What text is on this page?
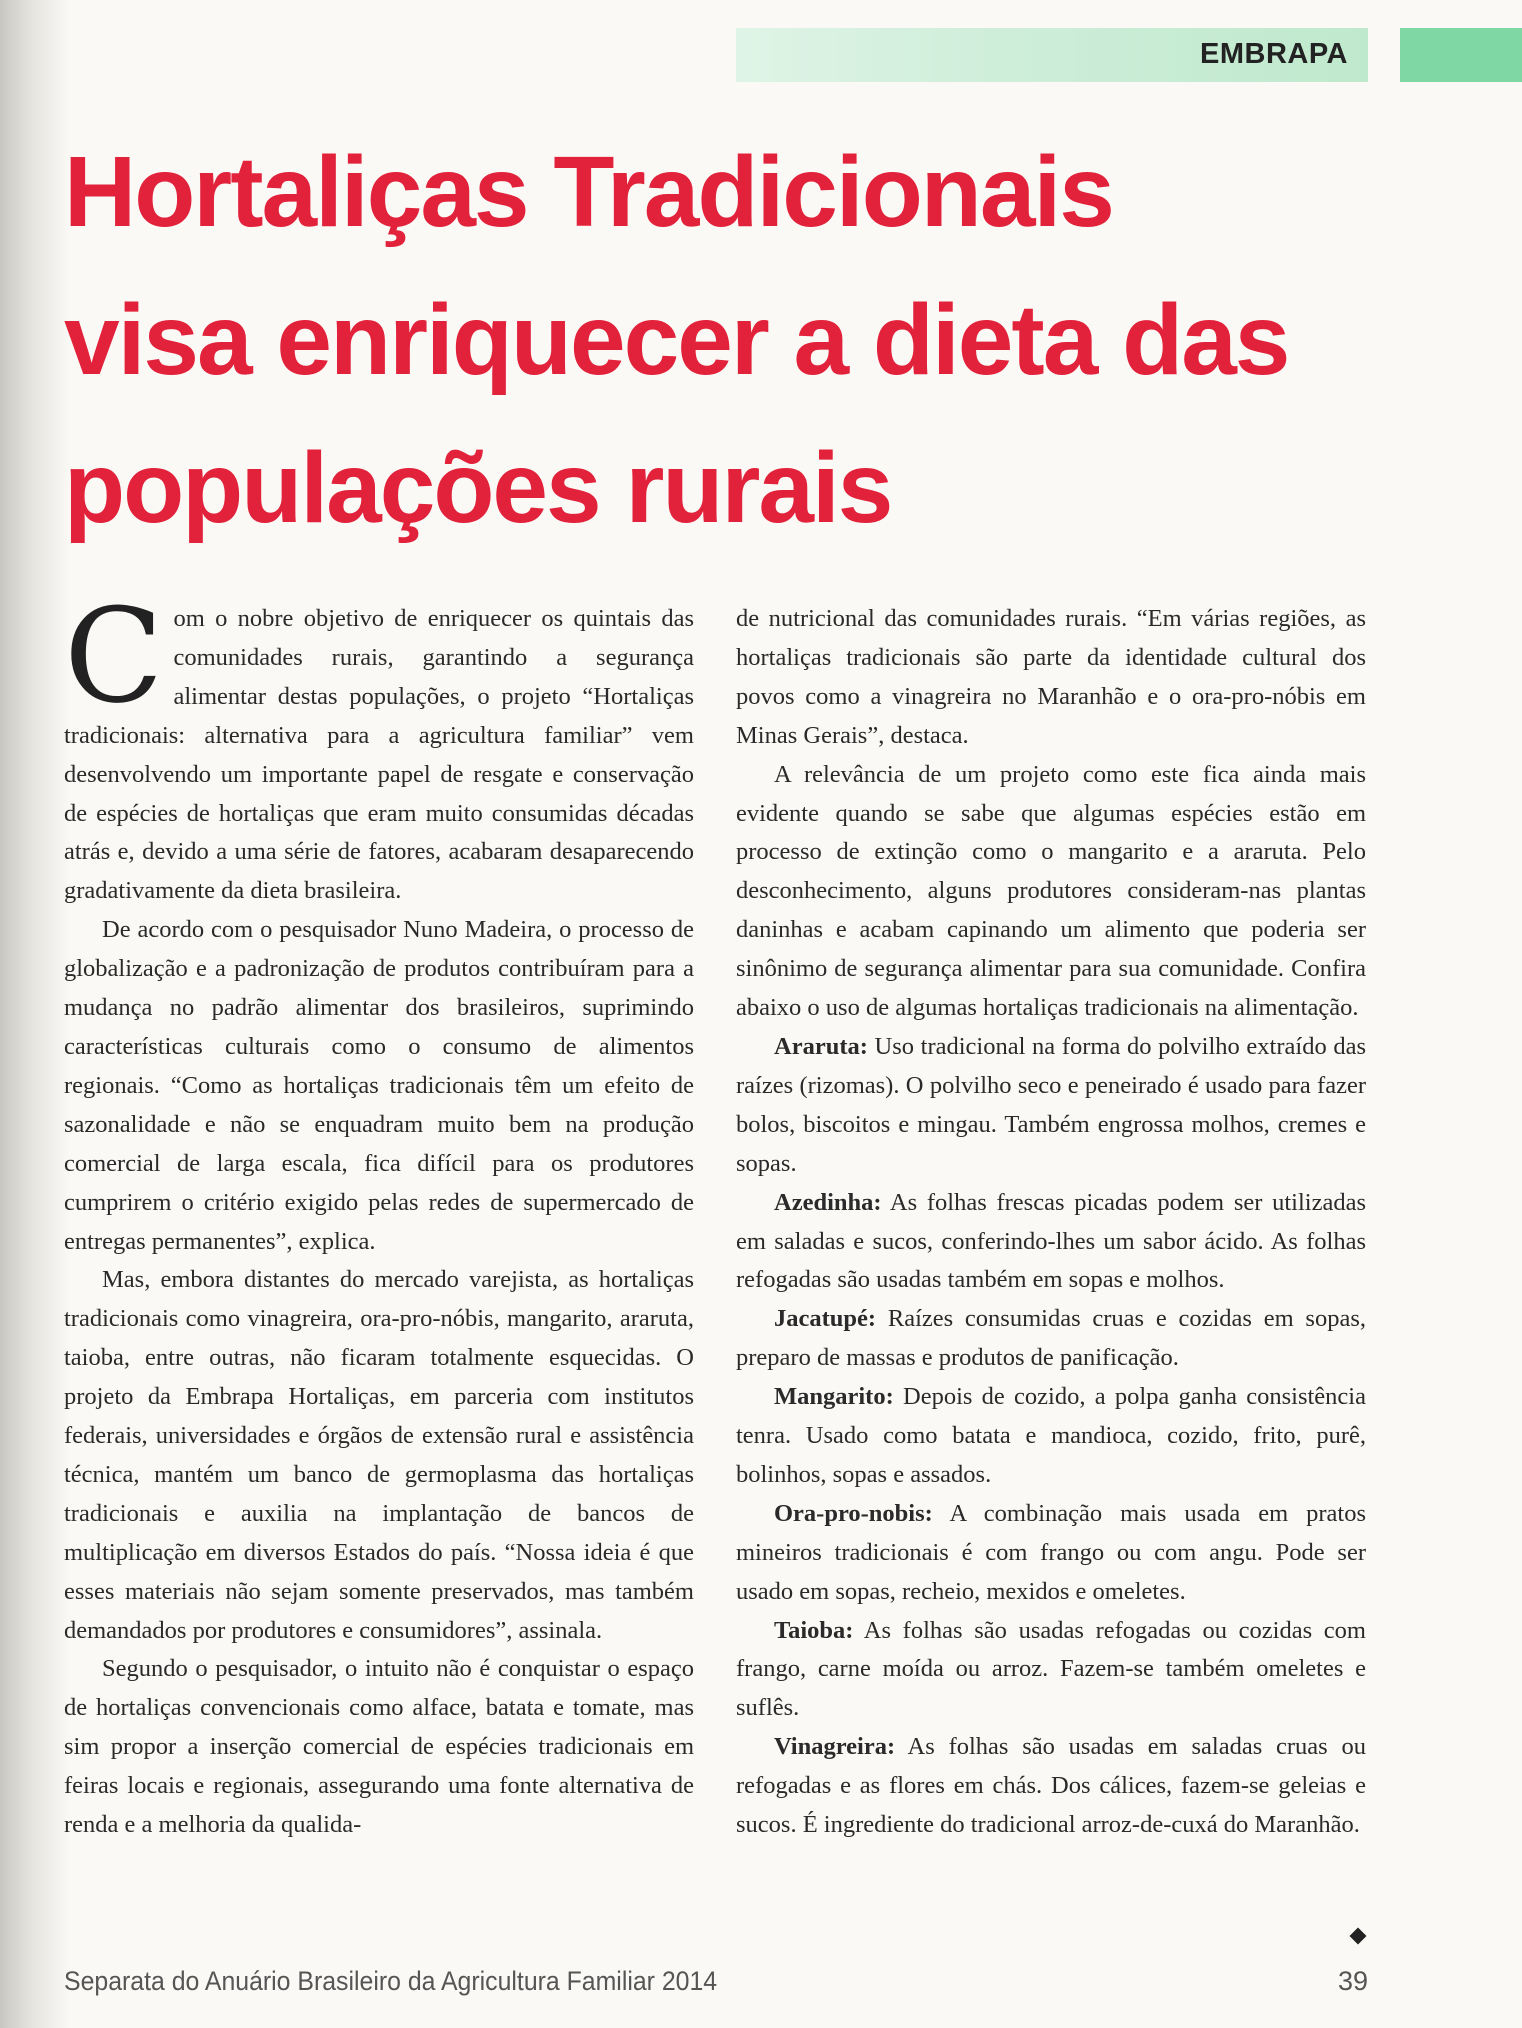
EMBRAPA
Hortaliças Tradicionais
visa enriquecer a dieta das
populações rurais

Com o nobre objetivo de enriquecer os quintais das comunidades rurais, garantindo a segurança alimentar destas populações, o projeto “Hortaliças tradicionais: alternativa para a agricultura familiar” vem desenvolvendo um importante papel de resgate e conservação de espécies de hortaliças que eram muito consumidas décadas atrás e, devido a uma série de fatores, acabaram desaparecendo gradativamente da dieta brasileira.

De acordo com o pesquisador Nuno Madeira, o processo de globalização e a padronização de produtos contribuíram para a mudança no padrão alimentar dos brasileiros, suprimindo características culturais como o consumo de alimentos regionais. “Como as hortaliças tradicionais têm um efeito de sazonalidade e não se enquadram muito bem na produção comercial de larga escala, fica difícil para os produtores cumprirem o critério exigido pelas redes de supermercado de entregas permanentes”, explica.

Mas, embora distantes do mercado varejista, as hortaliças tradicionais como vinagreira, ora-pro-nóbis, mangarito, araruta, taioba, entre outras, não ficaram totalmente esquecidas. O projeto da Embrapa Hortaliças, em parceria com institutos federais, universidades e órgãos de extensão rural e assistência técnica, mantém um banco de germoplasma das hortaliças tradicionais e auxilia na implantação de bancos de multiplicação em diversos Estados do país. “Nossa ideia é que esses materiais não sejam somente preservados, mas também demandados por produtores e consumidores”, assinala.

Segundo o pesquisador, o intuito não é conquistar o espaço de hortaliças convencionais como alface, batata e tomate, mas sim propor a inserção comercial de espécies tradicionais em feiras locais e regionais, assegurando uma fonte alternativa de renda e a melhoria da qualida-

de nutricional das comunidades rurais. “Em várias regiões, as hortaliças tradicionais são parte da identidade cultural dos povos como a vinagreira no Maranhão e o ora-pro-nóbis em Minas Gerais”, destaca.

A relevância de um projeto como este fica ainda mais evidente quando se sabe que algumas espécies estão em processo de extinção como o mangarito e a araruta. Pelo desconhecimento, alguns produtores consideram-nas plantas daninhas e acabam capinando um alimento que poderia ser sinônimo de segurança alimentar para sua comunidade. Confira abaixo o uso de algumas hortaliças tradicionais na alimentação.

Araruta: Uso tradicional na forma do polvilho extraído das raízes (rizomas). O polvilho seco e peneirado é usado para fazer bolos, biscoitos e mingau. Também engrossa molhos, cremes e sopas.

Azedinha: As folhas frescas picadas podem ser utilizadas em saladas e sucos, conferindo-lhes um sabor ácido. As folhas refogadas são usadas também em sopas e molhos.

Jacatupé: Raízes consumidas cruas e cozidas em sopas, preparo de massas e produtos de panificação.

Mangarito: Depois de cozido, a polpa ganha consistência tenra. Usado como batata e mandioca, cozido, frito, purê, bolinhos, sopas e assados.

Ora-pro-nobis: A combinação mais usada em pratos mineiros tradicionais é com frango ou com angu. Pode ser usado em sopas, recheio, mexidos e omeletes.

Taioba: As folhas são usadas refogadas ou cozidas com frango, carne moída ou arroz. Fazem-se também omeletes e suflês.

Vinagreira: As folhas são usadas em saladas cruas ou refogadas e as flores em chás. Dos cálices, fazem-se geleias e sucos. É ingrediente do tradicional arroz-de-cuxá do Maranhão.

Separata do Anuário Brasileiro da Agricultura Familiar 2014	39
